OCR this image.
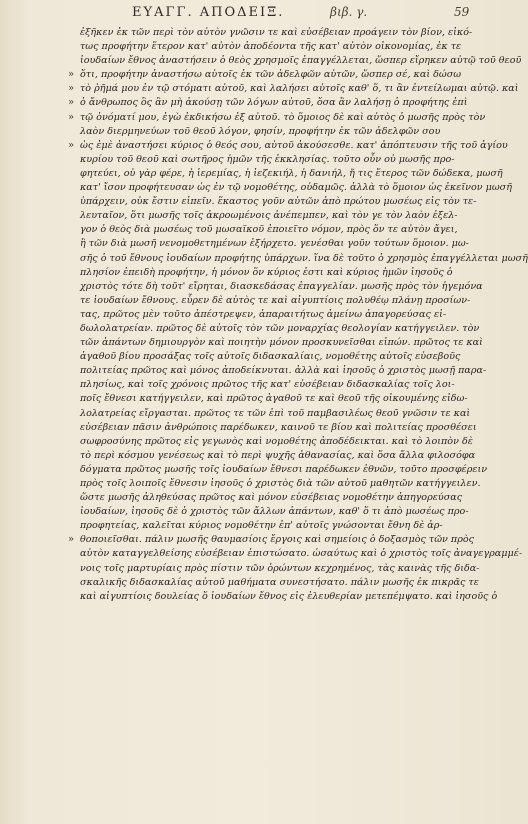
ΕΥΑΓΓ. ΑΠΟΔΕΙΞ.	βιβ. γ.	59
ἐξῆκεν ἐκ τῶν περὶ τὸν αὐτὸν γνῶσιν τε καὶ εὐσέβειαν προάγειν τὸν βίον, εἰκό-
τως προφήτην ἕτερον κατ' αὐτὸν ἀποδέοντα τῆς κατ' αὐτὸν οἰκονομίας, ἐκ τε
ἰουδαίων ἔθνος ἀναστήσειν ὁ θεὸς χρησμοῖς ἐπαγγέλλεται, ὥσπερ εἴρηκεν αὐτῷ τοῦ θεοῦ
» ὅτι, προφήτην ἀναστήσω αὐτοῖς ἐκ τῶν ἀδελφῶν αὐτῶν, ὥσπερ σέ, καὶ δώσω
» τὸ ῥῆμά μου ἐν τῷ στόματι αὐτοῦ, καὶ λαλήσει αὐτοῖς καθ' ὅ, τι ἂν ἐντείλωμαι αὐτῷ. καὶ
» ὁ ἄνθρωπος ὃς ἂν μὴ ἀκούσῃ τῶν λόγων αὐτοῦ, ὅσα ἂν λαλήσῃ ὁ προφήτης ἐπὶ
» τῷ ὀνόματί μου, ἐγὼ ἐκδικήσω ἐξ αὐτοῦ. τὸ ὅμοιος δὲ καὶ αὐτὸς ὁ μωσῆς πρὸς τὸν
λαὸν διερμηνεύων τοῦ θεοῦ λόγον, φησίν, προφήτην ἐκ τῶν ἀδελφῶν σου
» ὡς ἐμὲ ἀναστήσει κύριος ὁ θεός σου, αὐτοῦ ἀκούσεσθε. κατ' ἀπόπτευσιν τῆς τοῦ ἁγίου
κυρίου τοῦ θεοῦ καὶ σωτῆρος ἡμῶν τῆς ἐκκλησίας. τοῦτο οὖν οὐ μωσῆς προ-
φητεύει, οὐ γὰρ φέρε, ἡ ἱερεμίας, ἡ ἰεζεκιήλ, ἡ δανιήλ, ἤ τις ἕτερος τῶν δώδεκα, μωσῆ
κατ' ἴσον προφήτευσαν ὡς ἐν τῷ νομοθέτης, οὐδαμῶς. ἀλλὰ τὸ ὅμοιον ὡς ἐκεῖνον μωσῆ
ὑπάρχειν, οὐκ ἔστιν εἰπεῖν. ἕκαστος γοῦν αὐτῶν ἀπὸ πρώτου μωσέως εἰς τὸν τε-
λευταῖον, ὅτι μωσῆς τοῖς ἀκροωμένοις ἀνέπεμπεν, καὶ τὸν γε τὸν λαὸν ἐξελ-
γον ὁ θεὸς διὰ μωσέως τοῦ μωσαϊκοῦ ἐποιεῖτο νόμον, πρὸς ὅν τε αὐτὸν ἄγει,
ἢ τῶν διὰ μωσῆ νενομοθετημένων ἐξήρχετο. γενέσθαι γοῦν τούτων ὅμοιον. μω-
σῆς ὁ τοῦ ἔθνους ἰουδαίων προφήτης ὑπάρχων. ἵνα δὲ τοῦτο ὁ χρησμὸς ἐπαγγέλλεται μωσῆ
πλησίον ἐπειδὴ προφήτην, ἡ μόνον ὅν κύριος ἐστι καὶ κύριος ἡμῶν ἰησοῦς ὁ
χριστὸς τότε δὴ τοῦτ' εἴρηται, διασκεδάσας ἐπαγγελίαν. μωσῆς πρὸς τὸν ἡγεμόνα
τε ἰουδαίων ἔθνους. εὗρεν δὲ αὐτὸς τε καὶ αἰγυπτίοις πολυθέῳ πλάνῃ προσίων-
τας, πρῶτος μὲν τοῦτο ἀπέστρεψεν, ἀπαραιτήτως ἀμείνω ἀπαγορεύσας εἰ-
δωλολατρείαν. πρῶτος δὲ αὐτοῖς τὸν τῶν μοναρχίας θεολογίαν κατήγγειλεν. τὸν
τῶν ἁπάντων δημιουργὸν καὶ ποιητὴν μόνον προσκυνεῖσθαι εἰπών. πρῶτος τε καὶ
ἀγαθοῦ βίου προσάξας τοῖς αὐτοῖς διδασκαλίαις, νομοθέτης αὐτοῖς εὐσεβοῦς
πολιτείας πρῶτος καὶ μόνος ἀποδείκνυται. ἀλλὰ καὶ ἰησοῦς ὁ χριστὸς μωσῇ παρα-
πλησίως, καὶ τοῖς χρόνοις πρῶτος τῆς κατ' εὐσέβειαν διδασκαλίας τοῖς λοι-
ποῖς ἔθνεσι κατήγγειλεν, καὶ πρῶτος ἀγαθοῦ τε καὶ θεοῦ τῆς οἰκουμένης εἰδω-
λολατρείας εἴργασται. πρῶτος τε τῶν ἐπὶ τοῦ παμβασιλέως θεοῦ γνῶσιν τε καὶ
εὐσέβειαν πᾶσιν ἀνθρώποις παρέδωκεν, καινοῦ τε βίου καὶ πολιτείας προσθέσει
σωφροσύνης πρῶτος εἰς γεγωνὸς καὶ νομοθέτης ἀποδέδεικται. καὶ τὸ λοιπὸν δὲ
τὸ περὶ κόσμου γενέσεως καὶ τὸ περὶ ψυχῆς ἀθανασίας, καὶ ὅσα ἄλλα φιλοσόφα
δόγματα πρῶτος μωσῆς τοῖς ἰουδαίων ἔθνεσι παρέδωκεν ἐθνῶν, τοῦτο προσφέρειν
πρὸς τοῖς λοιποῖς ἔθνεσιν ἰησοῦς ὁ χριστὸς διὰ τῶν αὐτοῦ μαθητῶν κατήγγειλεν.
ὥστε μωσῆς ἀληθεύσας πρῶτος καὶ μόνον εὐσέβειας νομοθέτην ἀπηγορεύσας
ἰουδαίων, ἰησοῦς δὲ ὁ χριστὸς τῶν ἄλλων ἁπάντων, καθ' ὅ τι ἀπὸ μωσέως προ-
προφητείας, καλεῖται κύριος νομοθέτην ἐπ' αὐτοῖς γνώσονται ἔθνη δὲ ἀρ-
» θοποιεῖσθαι. πάλιν μωσῆς θαυμασίοις ἔργοις καὶ σημείοις ὁ δοξασμὸς τῶν πρὸς
αὐτὸν καταγγελθείσης εὐσέβειαν ἐπιστώσατο. ὡσαύτως καὶ ὁ χριστὸς τοῖς ἀναγεγραμμέ-
νοις τοῖς μαρτυρίαις πρὸς πίστιν τῶν ὁρώντων κεχρημένος, τὰς καινὰς τῆς διδα-
σκαλικῆς διδασκαλίας αὐτοῦ μαθήματα συνεστήσατο. πάλιν μωσῆς ἐκ πικρᾶς τε
καὶ αἰγυπτίοις δουλείας ὅ ἰουδαίων ἔθνος εἰς ἐλευθερίαν μετεπέμψατο. καὶ ἰησοῦς ὁ
